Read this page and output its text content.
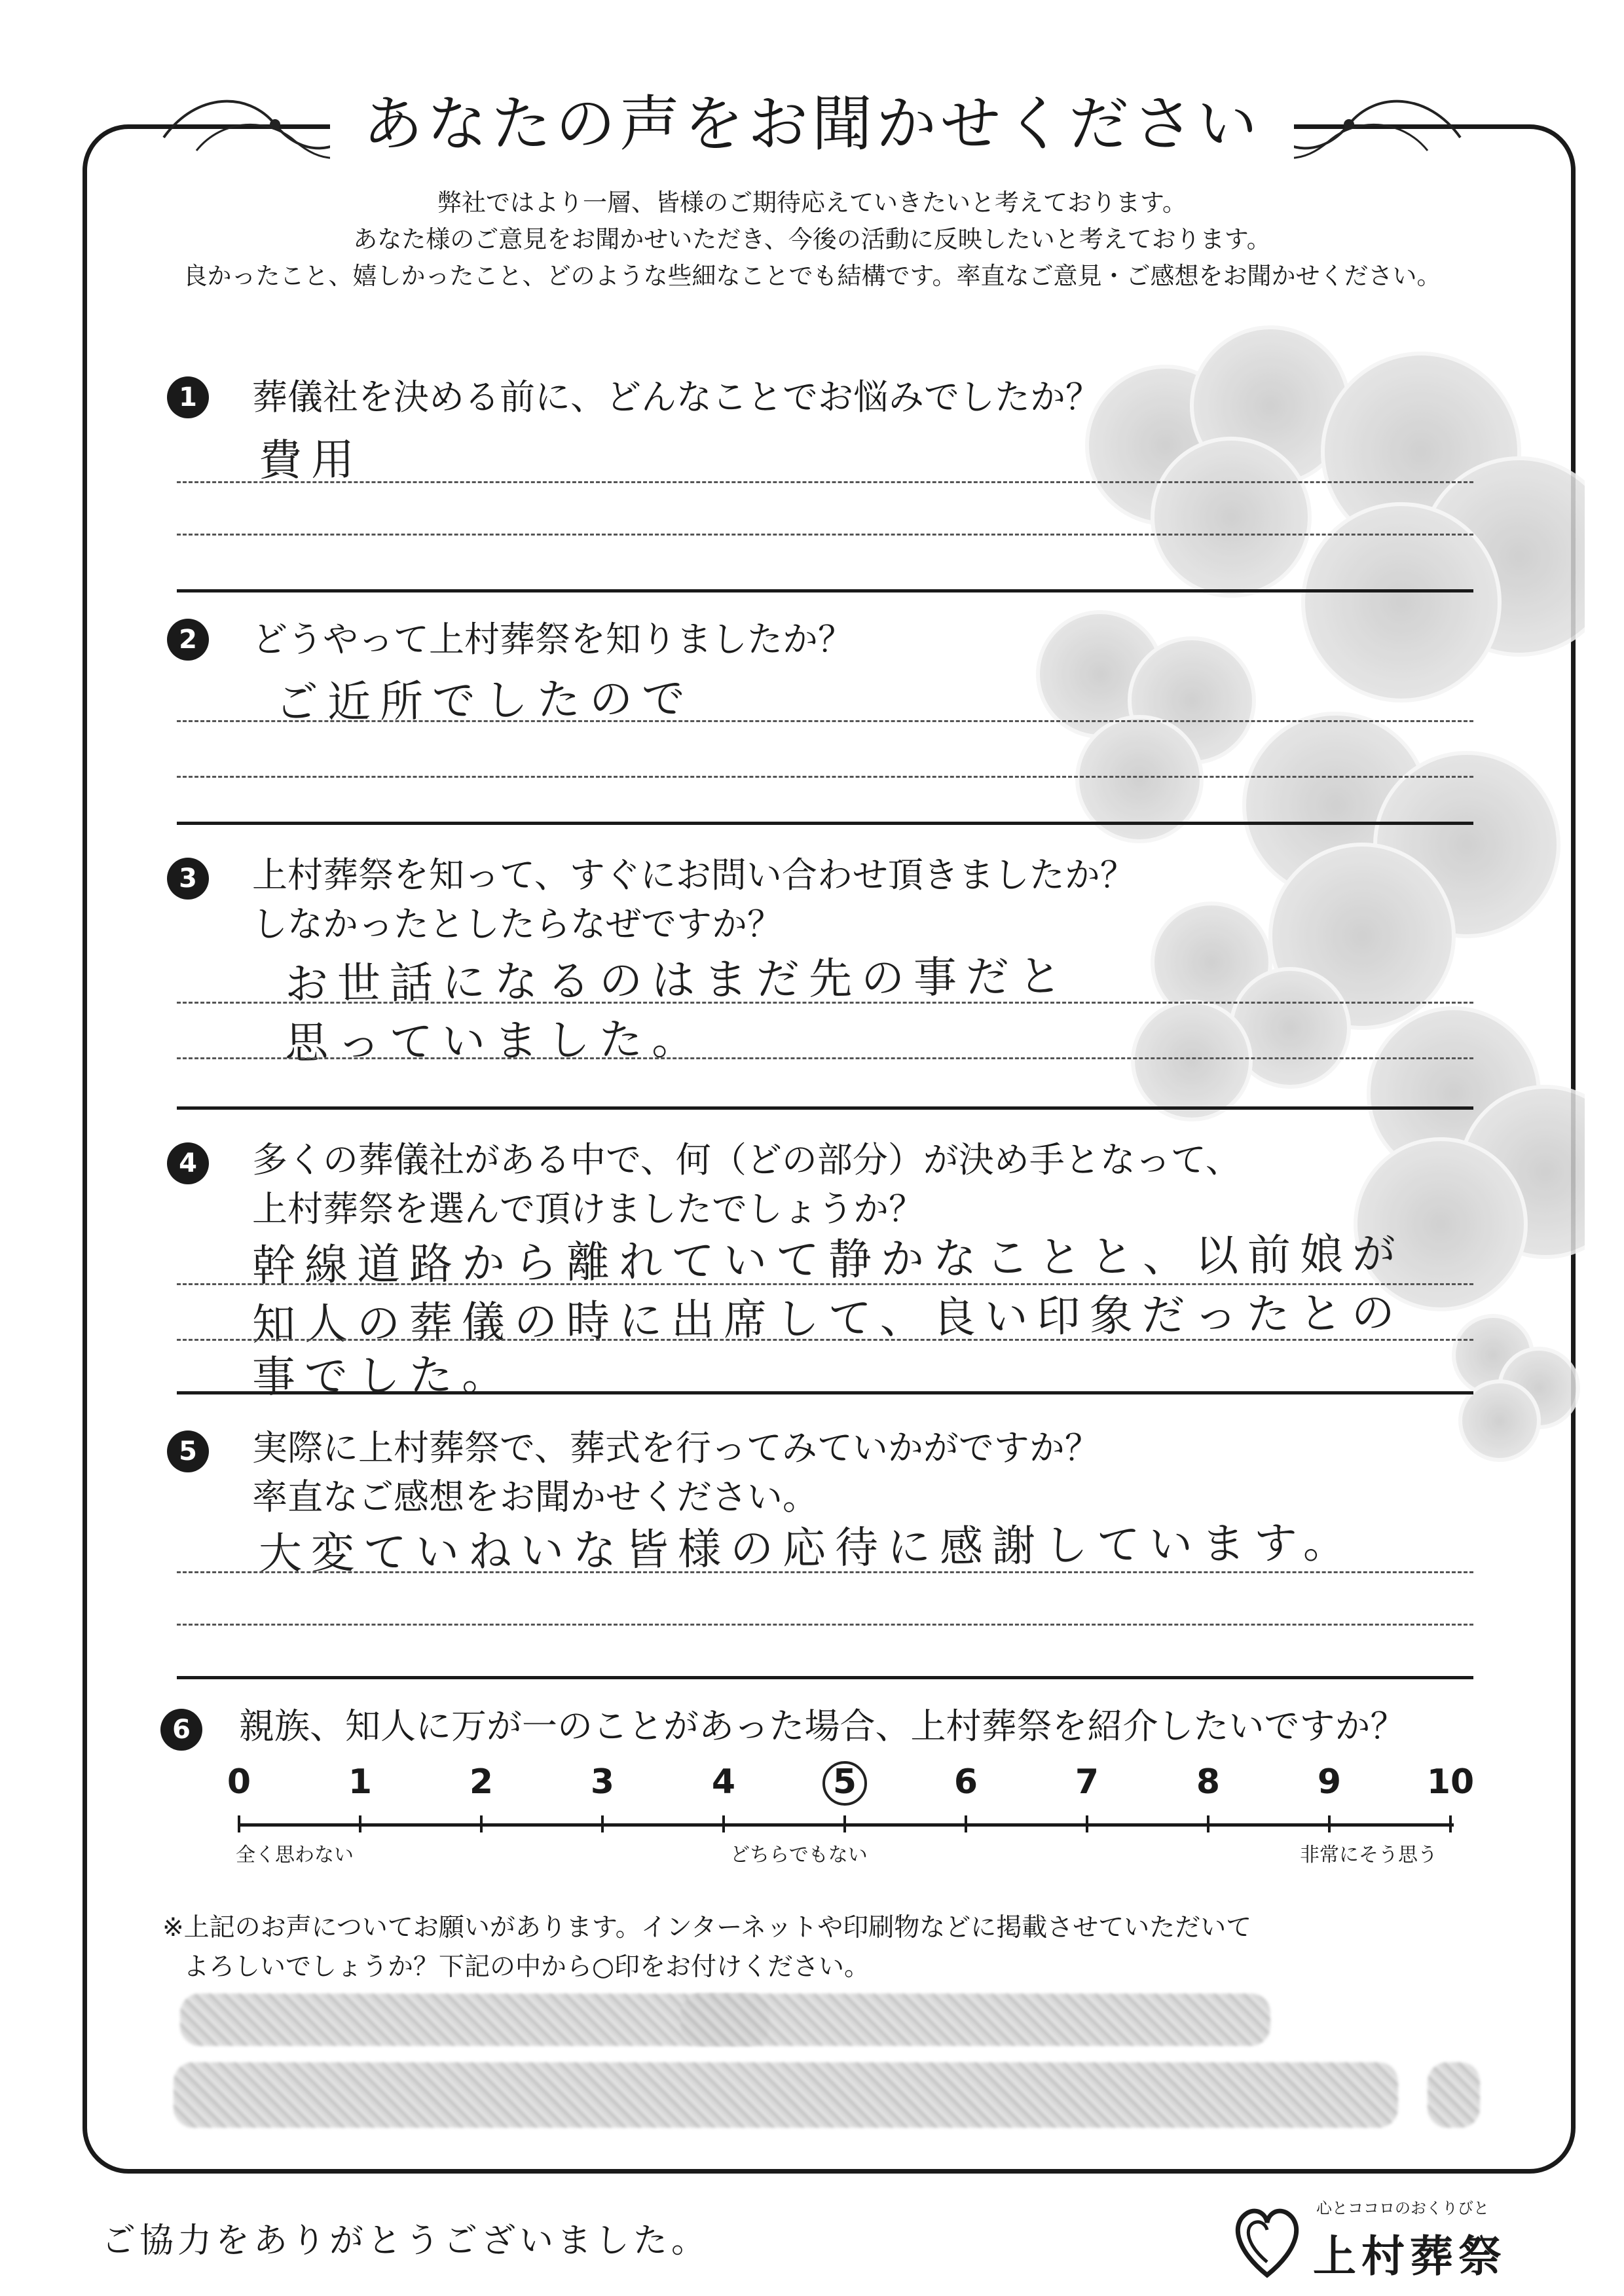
あなたの声をお聞かせください
弊社ではより一層、皆様のご期待応えていきたいと考えております。
あなた様のご意見をお聞かせいただき、今後の活動に反映したいと考えております。
良かったこと、嬉しかったこと、どのような些細なことでも結構です。率直なご意見・ご感想をお聞かせください。
1	葬儀社を決める前に、どんなことでお悩みでしたか？
費用
2	どうやって上村葬祭を知りましたか？
ご近所でしたので
3	上村葬祭を知って、すぐにお問い合わせ頂きましたか？
しなかったとしたらなぜですか？
お世話になるのはまだ先の事だと
思っていました。
4	多くの葬儀社がある中で、何（どの部分）が決め手となって、
上村葬祭を選んで頂けましたでしょうか？
幹線道路から離れていて静かなことと、以前娘が
知人の葬儀の時に出席して、良い印象だったとの
事でした。
5	実際に上村葬祭で、葬式を行ってみていかがですか？
率直なご感想をお聞かせください。
大変ていねいな皆様の応待に感謝しています。
6	親族、知人に万が一のことがあった場合、上村葬祭を紹介したいですか？
0	1	2	3	4	5	6	7	8	9	10
全く思わない	どちらでもない	非常にそう思う
※上記のお声についてお願いがあります。インターネットや印刷物などに掲載させていただいて
よろしいでしょうか？下記の中から○印をお付けください。
ご協力をありがとうございました。
心とココロのおくりびと
上村葬祭
